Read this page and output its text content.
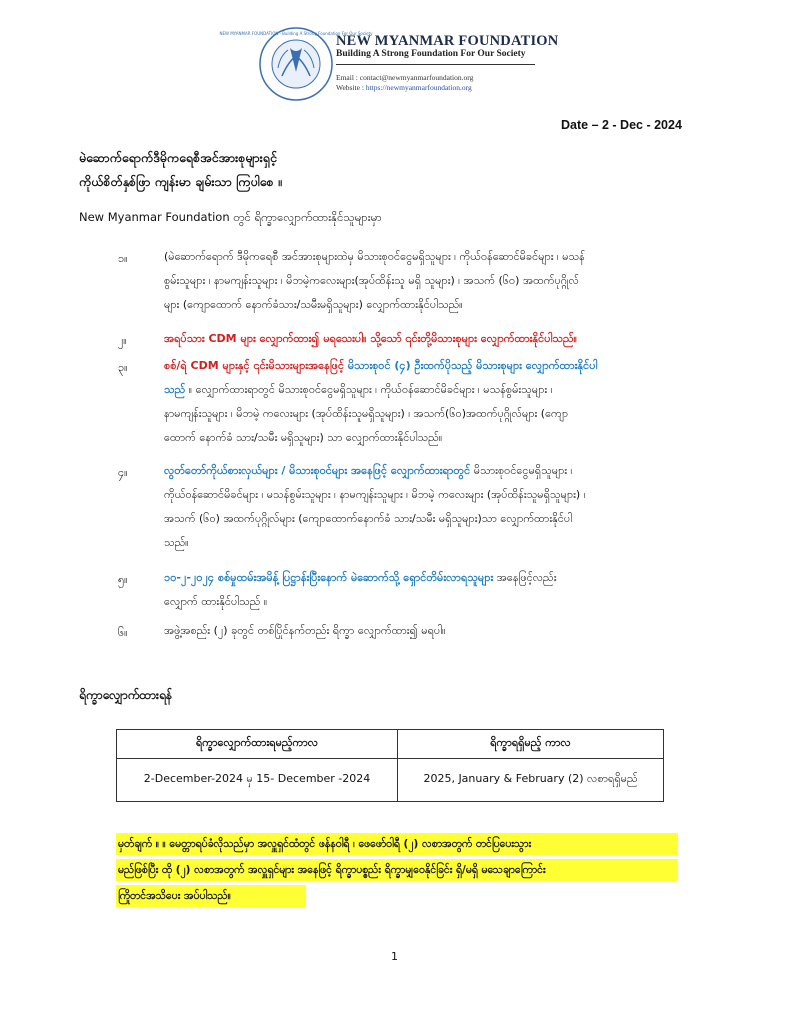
NEW MYANMAR FOUNDATION · Building A Strong Foundation For Our Society
NEW MYANMAR FOUNDATION
Building A Strong Foundation For Our Society
Email : contact@newmyanmarfoundation.org
Website : https://newmyanmarfoundation.org
Date – 2 - Dec - 2024
မဲဆောက်ရောက်ဒီမိုကရေစီအင်အားစုများရှင့်
ကိုယ်စိတ်နှစ်ဖြာ ကျန်းမာ ချမ်းသာ ကြပါစေ ။
New Myanmar Foundation တွင် ရိက္ခာလျှောက်ထားနိုင်သူများမှာ
၁။	(မဲဆောက်ရောက် ဒီမိုကရေစီ အင်အားစုများထဲမှ မိသားစုဝင်ငွေမရှိသူများ ၊ ကိုယ်ဝန်ဆောင်မိခင်များ ၊ မသန်
စွမ်းသူများ ၊ နာမကျန်းသူများ ၊ မိဘမဲ့ကလေးများ(အုပ်ထိန်းသူ မရှိ သူများ) ၊ အသက် (၆၀) အထက်ပုဂ္ဂိုလ်
များ (ကျောထောက် နောက်ခံသား/သမီးမရှိသူများ) လျှောက်ထားနိုင်ပါသည်။
၂။	အရပ်သား CDM များ လျှောက်ထား၍ မရသေးပါ။ သို့သော် ၎င်းတို့မိသားစုများ လျှောက်ထားနိုင်ပါသည်။
၃။	စစ်/ရဲ CDM များနှင့် ၎င်းမိသားများအနေဖြင့် မိသားစုဝင် (၄) ဦးထက်ပိုသည့် မိသားစုများ လျှောက်ထားနိုင်ပါ
သည် ။ လျှောက်ထားရာတွင် မိသားစုဝင်ငွေမရှိသူများ ၊ ကိုယ်ဝန်ဆောင်မိခင်များ ၊ မသန်စွမ်းသူများ ၊
နာမကျန်းသူများ ၊ မိဘမဲ့ ကလေးများ (အုပ်ထိန်းသူမရှိသူများ) ၊ အသက်(၆၀)အထက်ပုဂ္ဂိုလ်များ (ကျော
ထောက် နောက်ခံ သား/သမီး မရှိသူများ) သာ လျှောက်ထားနိုင်ပါသည်။
၄။	လွတ်တော်ကိုယ်စားလှယ်များ / မိသားစုဝင်များ အနေဖြင့် လျှောက်ထားရာတွင် မိသားစုဝင်ငွေမရှိသူများ ၊
ကိုယ်ဝန်ဆောင်မိခင်များ ၊ မသန်စွမ်းသူများ ၊ နာမကျန်းသူများ ၊ မိဘမဲ့ ကလေးများ (အုပ်ထိန်းသူမရှိသူများ) ၊
အသက် (၆၀) အထက်ပုဂ္ဂိုလ်များ (ကျောထောက်နောက်ခံ သား/သမီး မရှိသူများ)သာ လျှောက်ထားနိုင်ပါ
သည်။
၅။	၁၀-၂-၂၀၂၄ စစ်မှုထမ်းအမိန့် ပြဋ္ဌာန်းပြီးနောက် မဲဆောက်သို့ ရှောင်တိမ်းလာရသူများ အနေဖြင့်လည်း
လျှောက် ထားနိုင်ပါသည် ။
၆။	အဖွဲ့အစည်း (၂) ခုတွင် တစ်ပြိုင်နက်တည်း ရိက္ခာ လျှောက်ထား၍ မရပါ။
ရိက္ခာလျှောက်ထားရန်
ရိက္ခာလျှောက်ထားရမည့်ကာလ	ရိက္ခာရရှိမည့် ကာလ
2-December-2024 မှ 15- December -2024	2025, January & February (2) လစာရရှိမည်
မှတ်ချက် ။ ။ မေတ္တာရပ်ခံလိုသည်မှာ အလှူရှင်ထံတွင် ဖန်နဝါရီ ၊ ဖေဖော်ဝါရီ (၂) လစာအတွက် တင်ပြပေးသွား
မည်ဖြစ်ပြီး ထို (၂) လစာအတွက် အလှူရှင်များ အနေဖြင့် ရိက္ခာပစ္စည်း ရိက္ခာမျှဝေနိုင်ခြင်း ရှိ/မရှိ မသေချာကြောင်း
ကြိုတင်အသိပေး အပ်ပါသည်။
1
